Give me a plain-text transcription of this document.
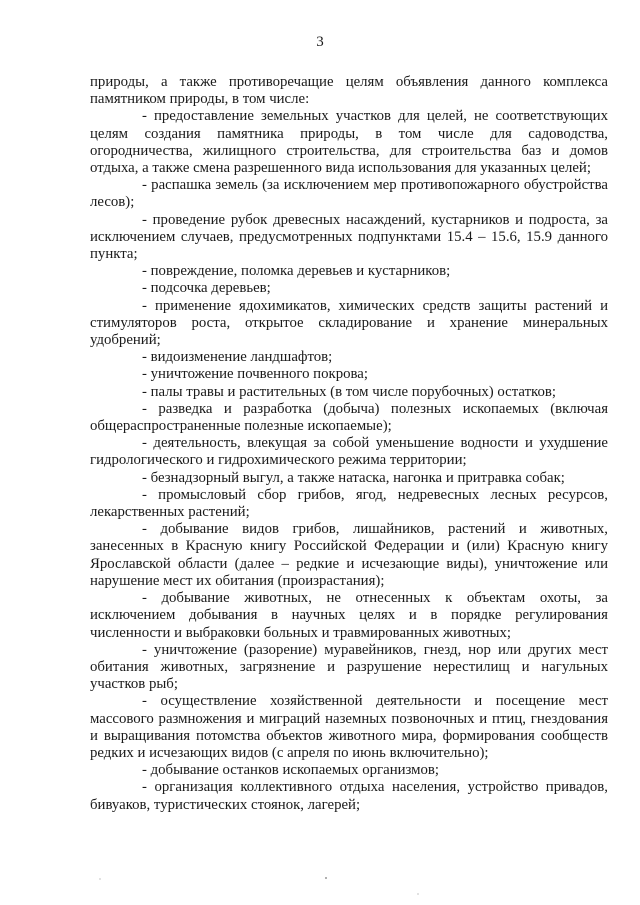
3

природы, а также противоречащие целям объявления данного комплекса памятником природы, в том числе:

- предоставление земельных участков для целей, не соответствующих целям создания памятника природы, в том числе для садоводства, огородничества, жилищного строительства, для строительства баз и домов отдыха, а также смена разрешенного вида использования для указанных целей;

- распашка земель (за исключением мер противопожарного обустройства лесов);

- проведение рубок древесных насаждений, кустарников и подроста, за исключением случаев, предусмотренных подпунктами 15.4 – 15.6, 15.9 данного пункта;

- повреждение, поломка деревьев и кустарников;

- подсочка деревьев;

- применение ядохимикатов, химических средств защиты растений и стимуляторов роста, открытое складирование и хранение минеральных удобрений;

- видоизменение ландшафтов;

- уничтожение почвенного покрова;

- палы травы и растительных (в том числе порубочных) остатков;

- разведка и разработка (добыча) полезных ископаемых (включая общераспространенные полезные ископаемые);

- деятельность, влекущая за собой уменьшение водности и ухудшение гидрологического и гидрохимического режима территории;

- безнадзорный выгул, а также натаска, нагонка и притравка собак;

- промысловый сбор грибов, ягод, недревесных лесных ресурсов, лекарственных растений;

- добывание видов грибов, лишайников, растений и животных, занесенных в Красную книгу Российской Федерации и (или) Красную книгу Ярославской области (далее – редкие и исчезающие виды), уничтожение или нарушение мест их обитания (произрастания);

- добывание животных, не отнесенных к объектам охоты, за исключением добывания в научных целях и в порядке регулирования численности и выбраковки больных и травмированных животных;

- уничтожение (разорение) муравейников, гнезд, нор или других мест обитания животных, загрязнение и разрушение нерестилищ и нагульных участков рыб;

- осуществление хозяйственной деятельности и посещение мест массового размножения и миграций наземных позвоночных и птиц, гнездования и выращивания потомства объектов животного мира, формирования сообществ редких и исчезающих видов (с апреля по июнь включительно);

- добывание останков ископаемых организмов;

- организация коллективного отдыха населения, устройство привадов, бивуаков, туристических стоянок, лагерей;
